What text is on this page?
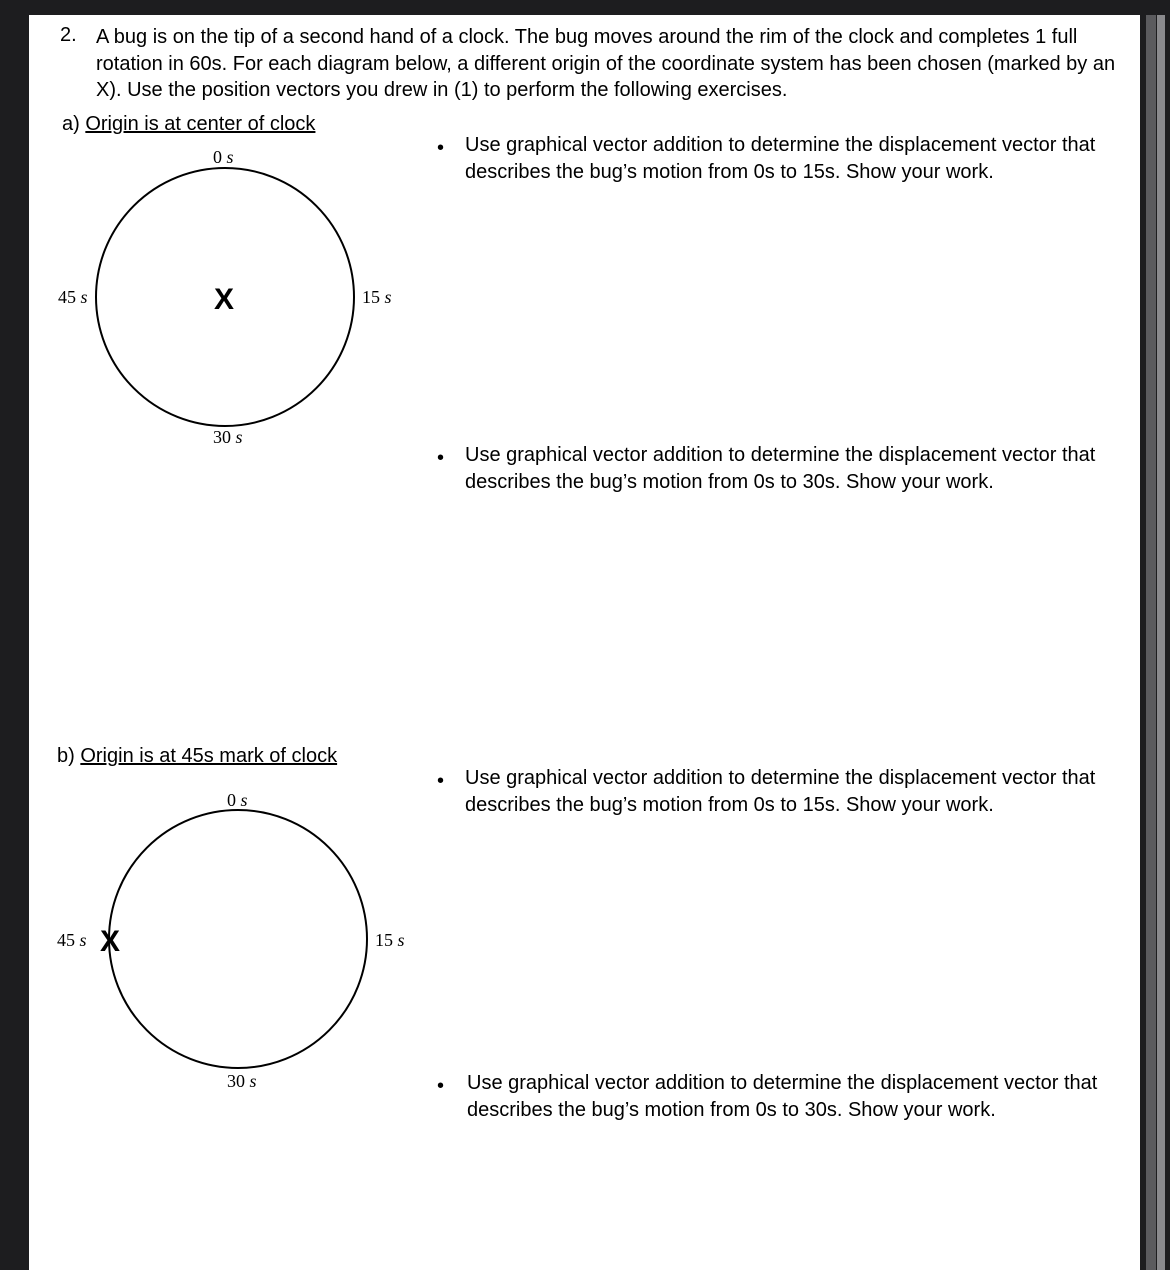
2. A bug is on the tip of a second hand of a clock. The bug moves around the rim of the clock and completes 1 full rotation in 60s. For each diagram below, a different origin of the coordinate system has been chosen (marked by an X). Use the position vectors you drew in (1) to perform the following exercises.
a) Origin is at center of clock
0 s
15 s
30 s
45 s	X
• Use graphical vector addition to determine the displacement vector that describes the bug’s motion from 0s to 15s. Show your work.
• Use graphical vector addition to determine the displacement vector that describes the bug’s motion from 0s to 30s. Show your work.
b) Origin is at 45s mark of clock
0 s
15 s
30 s
45 s X
• Use graphical vector addition to determine the displacement vector that describes the bug’s motion from 0s to 15s. Show your work.
• Use graphical vector addition to determine the displacement vector that describes the bug’s motion from 0s to 30s. Show your work.
